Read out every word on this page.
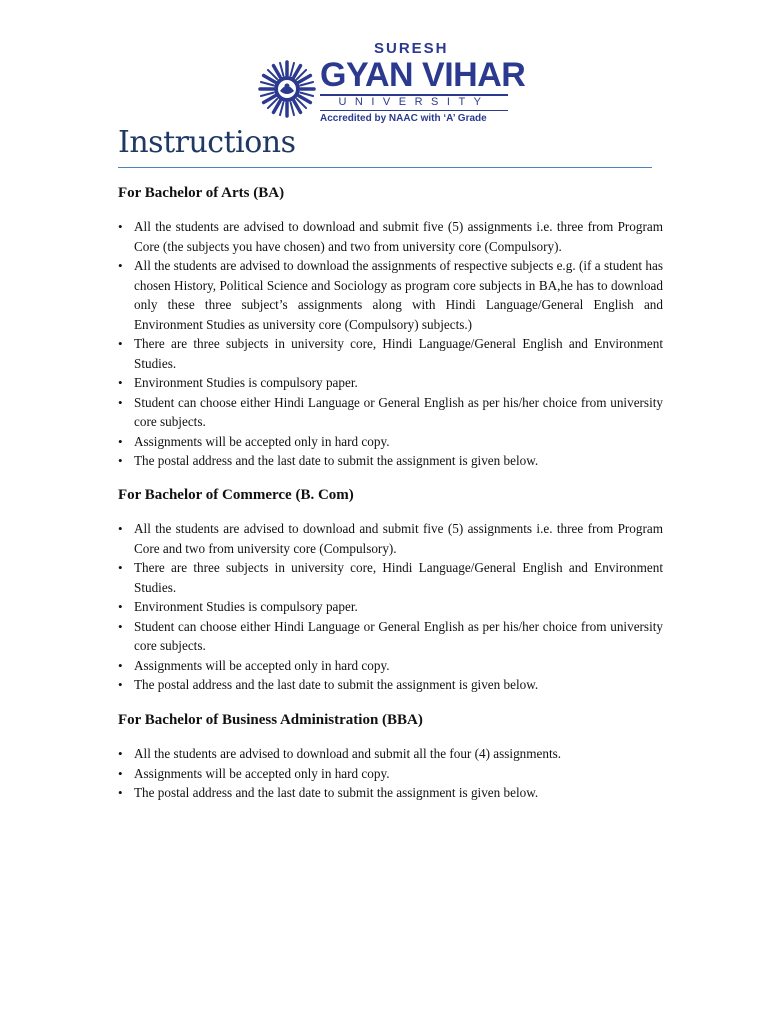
SURESH
GYAN VIHAR
UNIVERSITY
Accredited by NAAC with ‘A’ Grade
Instructions
For Bachelor of Arts (BA)
• All the students are advised to download and submit five (5) assignments i.e. three from Program Core (the subjects you have chosen) and two from university core (Compulsory).
• All the students are advised to download the assignments of respective subjects e.g. (if a student has chosen History, Political Science and Sociology as program core subjects in BA,he has to download only these three subject’s assignments along with Hindi Language/General English and Environment Studies as university core (Compulsory) subjects.)
• There are three subjects in university core, Hindi Language/General English and Environment Studies.
• Environment Studies is compulsory paper.
• Student can choose either Hindi Language or General English as per his/her choice from university core subjects.
• Assignments will be accepted only in hard copy.
• The postal address and the last date to submit the assignment is given below.
For Bachelor of Commerce (B. Com)
• All the students are advised to download and submit five (5) assignments i.e. three from Program Core and two from university core (Compulsory).
• There are three subjects in university core, Hindi Language/General English and Environment Studies.
• Environment Studies is compulsory paper.
• Student can choose either Hindi Language or General English as per his/her choice from university core subjects.
• Assignments will be accepted only in hard copy.
• The postal address and the last date to submit the assignment is given below.
For Bachelor of Business Administration (BBA)
• All the students are advised to download and submit all the four (4) assignments.
• Assignments will be accepted only in hard copy.
• The postal address and the last date to submit the assignment is given below.
